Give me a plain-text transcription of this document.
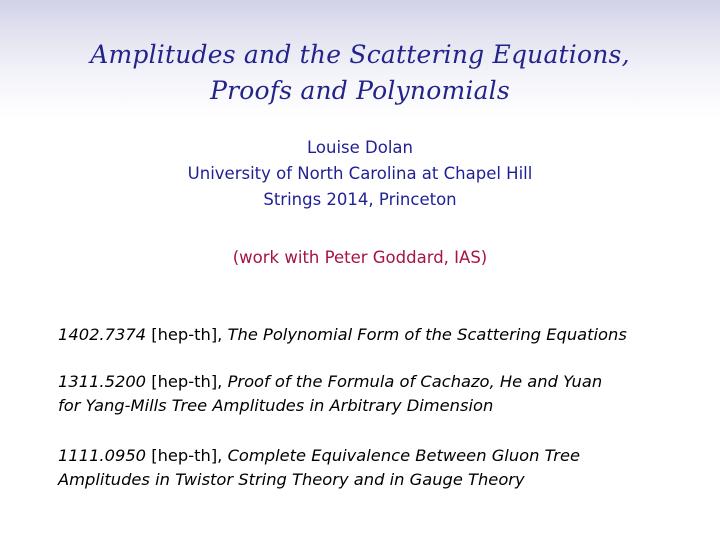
Amplitudes and the Scattering Equations,
Proofs and Polynomials
Louise Dolan
University of North Carolina at Chapel Hill
Strings 2014, Princeton
(work with Peter Goddard, IAS)
1402.7374 [hep-th], The Polynomial Form of the Scattering Equations
1311.5200 [hep-th], Proof of the Formula of Cachazo, He and Yuan
for Yang-Mills Tree Amplitudes in Arbitrary Dimension
1111.0950 [hep-th], Complete Equivalence Between Gluon Tree
Amplitudes in Twistor String Theory and in Gauge Theory
